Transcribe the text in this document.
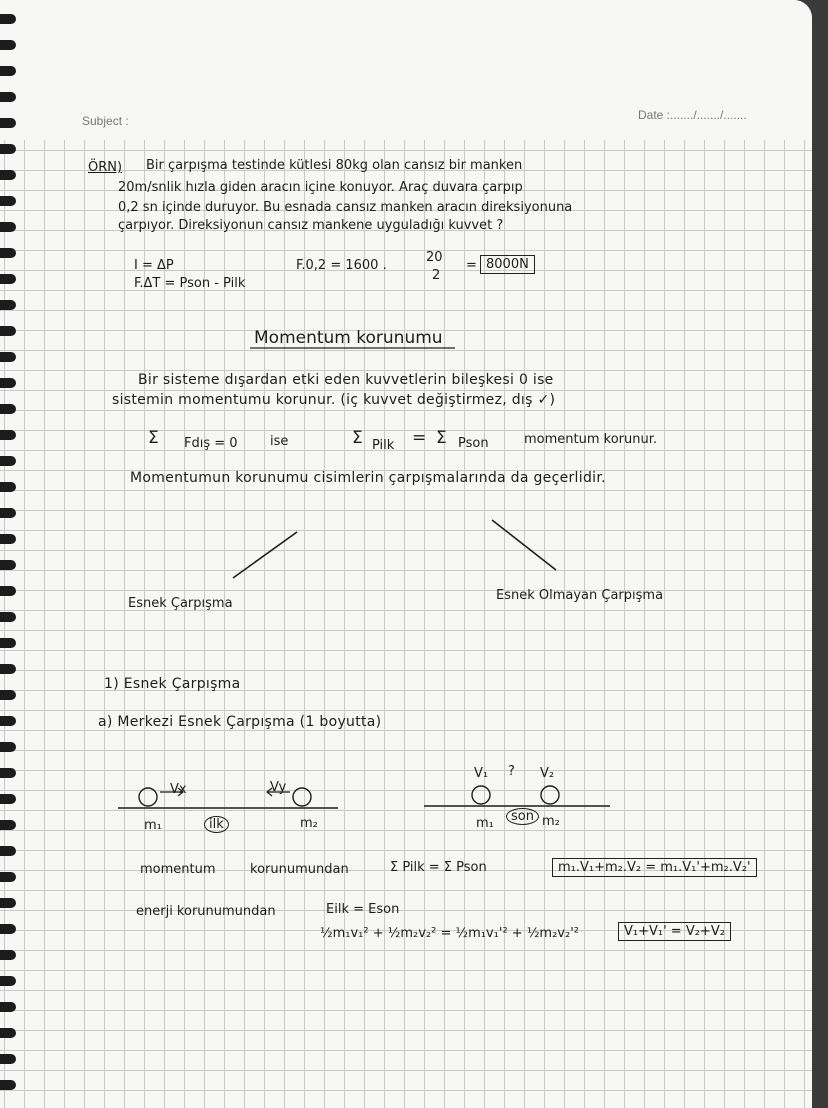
Subject :	Date :......./......./.......
ÖRN) Bir çarpışma testinde kütlesi 80kg olan cansız bir manken
20m/snlik hızla giden aracın içine konuyor. Araç duvara çarpıp
0,2 sn içinde duruyor. Bu esnada cansız manken aracın direksiyonuna
çarpıyor. Direksiyonun cansız mankene uyguladığı kuvvet ?
I = ΔP
F.ΔT = Pson - Pilk
F.0,2 = 1600 .
20
2
= 8000N
Momentum korunumu
Bir sisteme dışardan etki eden kuvvetlerin bileşkesi 0 ise
sistemin momentumu korunur. (iç kuvvet değiştirmez, dış ✓)
Σ Fdış = 0 ise	Σ Pilk = Σ Pson	momentum korunur.
Momentumun korunumu cisimlerin çarpışmalarında da geçerlidir.
Esnek Çarpışma
Esnek Olmayan Çarpışma
1) Esnek Çarpışma
a) Merkezi Esnek Çarpışma (1 boyutta)
Vx	Vy
m₁	ilk	m₂
V₁ ? V₂
m₁	son m₂
momentum	korunumundan	Σ Pilk = Σ Pson	m₁.V₁+m₂.V₂ = m₁.V₁'+m₂.V₂'
enerji korunumundan	Eilk = Eson
½m₁v₁² + ½m₂v₂² = ½m₁v₁'² + ½m₂v₂'²	V₁+V₁' = V₂+V₂
